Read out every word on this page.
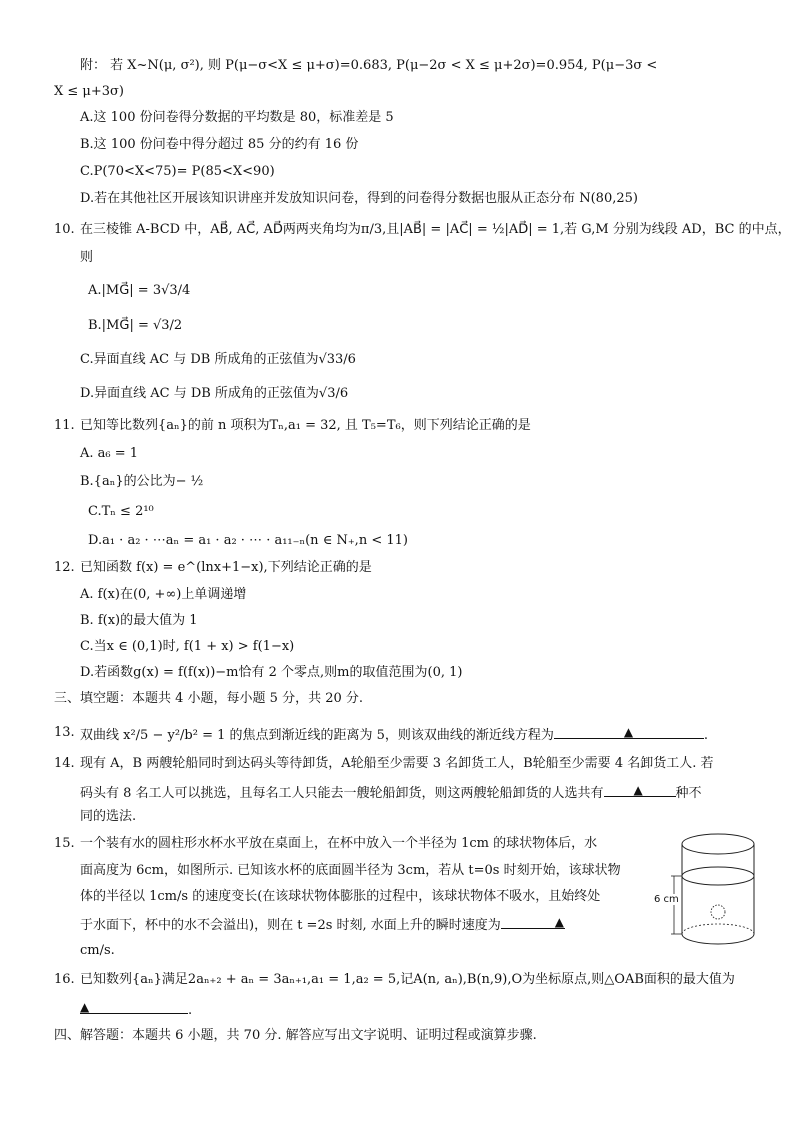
附： 若 X~N(μ, σ²), 则 P(μ−σ<X ≤ μ+σ)=0.683, P(μ−2σ < X ≤ μ+2σ)=0.954, P(μ−3σ <
X ≤ μ+3σ)
A.这 100 份问卷得分数据的平均数是 80，标准差是 5
B.这 100 份问卷中得分超过 85 分的约有 16 份
C.P(70<X<75)= P(85<X<90)
D.若在其他社区开展该知识讲座并发放知识问卷，得到的问卷得分数据也服从正态分布 N(80,25)
10. 在三棱锥 A-BCD 中，AB⃗, AC⃗, AD⃗两两夹角均为π/3,且|AB⃗| = |AC⃗| = ½|AD⃗| = 1,若 G,M 分别为线段 AD，BC 的中点，
则
A.|MG⃗| = 3√3/4
B.|MG⃗| = √3/2
C.异面直线 AC 与 DB 所成角的正弦值为√33/6
D.异面直线 AC 与 DB 所成角的正弦值为√3/6
11. 已知等比数列{aₙ}的前 n 项积为Tₙ,a₁ = 32, 且 T₅=T₆，则下列结论正确的是
A. a₆ = 1
B.{aₙ}的公比为− ½
C.Tₙ ≤ 2¹⁰
D.a₁ · a₂ · ⋯aₙ = a₁ · a₂ · ⋯ · a₁₁₋ₙ(n ∈ N₊,n < 11)
12. 已知函数 f(x) = e^(lnx+1−x),下列结论正确的是
A. f(x)在(0, +∞)上单调递增
B. f(x)的最大值为 1
C.当x ∈ (0,1)时, f(1 + x) > f(1−x)
D.若函数g(x) = f(f(x))−m恰有 2 个零点,则m的取值范围为(0, 1)
三、填空题：本题共 4 小题，每小题 5 分，共 20 分.
13. 双曲线 x²/5 − y²/b² = 1 的焦点到渐近线的距离为 5，则该双曲线的渐近线方程为	▲	.
14. 现有 A，B 两艘轮船同时到达码头等待卸货，A轮船至少需要 3 名卸货工人，B轮船至少需要 4 名卸货工人. 若
码头有 8 名工人可以挑选，且每名工人只能去一艘轮船卸货，则这两艘轮船卸货的人选共有	▲	种不
同的选法.
15. 一个装有水的圆柱形水杯水平放在桌面上，在杯中放入一个半径为 1cm 的球状物体后，水
面高度为 6cm，如图所示. 已知该水杯的底面圆半径为 3cm，若从 t=0s 时刻开始，该球状物
体的半径以 1cm/s 的速度变长(在该球状物体膨胀的过程中，该球状物体不吸水，且始终处
于水面下，杯中的水不会溢出)，则在 t =2s 时刻, 水面上升的瞬时速度为	▲
cm/s.
6 cm
16. 已知数列{aₙ}满足2aₙ₊₂ + aₙ = 3aₙ₊₁,a₁ = 1,a₂ = 5,记A(n, aₙ),B(n,9),O为坐标原点,则△OAB面积的最大值为
▲	.
四、解答题：本题共 6 小题，共 70 分. 解答应写出文字说明、证明过程或演算步骤.
